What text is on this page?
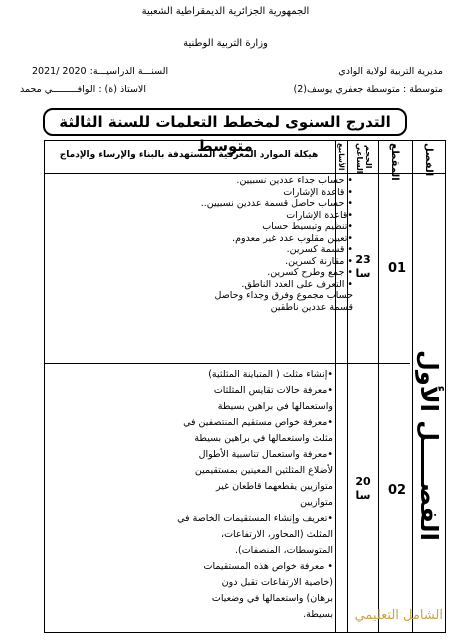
الجمهورية الجزائرية الديمقراطية الشعبية
وزارة التربية الوطنية
مديرية التربية لولاية الوادي
السنـــة الدراسيـــة: 2020 /2021
متوسطة : متوسطة جعفري يوسف(2)
الاستاذ (ة) : الوافـــــــــي محمد
التدرج السنوى لمخطط التعلمات للسنة الثالثة متوسط	الفصل
المقطع
الحجم الساعي
الأسابيع
هيكلة الموارد المعرفية المستهدفة بالبناء والإرساء والإدماج
الفصـــــل الأول
01
23
سا
• حساب جداء عددين نسبيين.
• قاعدة الإشارات
• حساب حاصل قسمة عددين نسبيين..
•قاعدة الإشارات
•تنظيم وتبسيط حساب
•تعيين مقلوب عدد غير معدوم.
• قسمة كسرين.
• مقارنة كسرين.
• جمع وطرح كسرين.
• التعرف على العدد الناطق.
حساب مجموع وفرق وجداء وحاصل
قسمة عددين ناطقين
02
20
سا
•إنشاء مثلث ( المتباينة المثلثية)
•معرفة حالات تقايس المثلثات
واستعمالها في براهين بسيطة
•معرفة خواص مستقيم المنتصفين في
مثلث واستعمالها في براهين بسيطة
•معرفة واستعمال تناسبية الأطوال
لأضلاع المثلثين المعينين بمستقيمين
متوازيين يقطعهما قاطعان غير
متوازيين
•تعريف وإنشاء المستقيمات الخاصة في
المثلث (المحاور، الارتفاعات،
المتوسطات، المنصفات).
• معرفة خواص هذه المستقيمات
(خاصية الارتفاعات تقبل دون
برهان) واستعمالها في وضعيات
بسيطة. الشامل التعليمي
